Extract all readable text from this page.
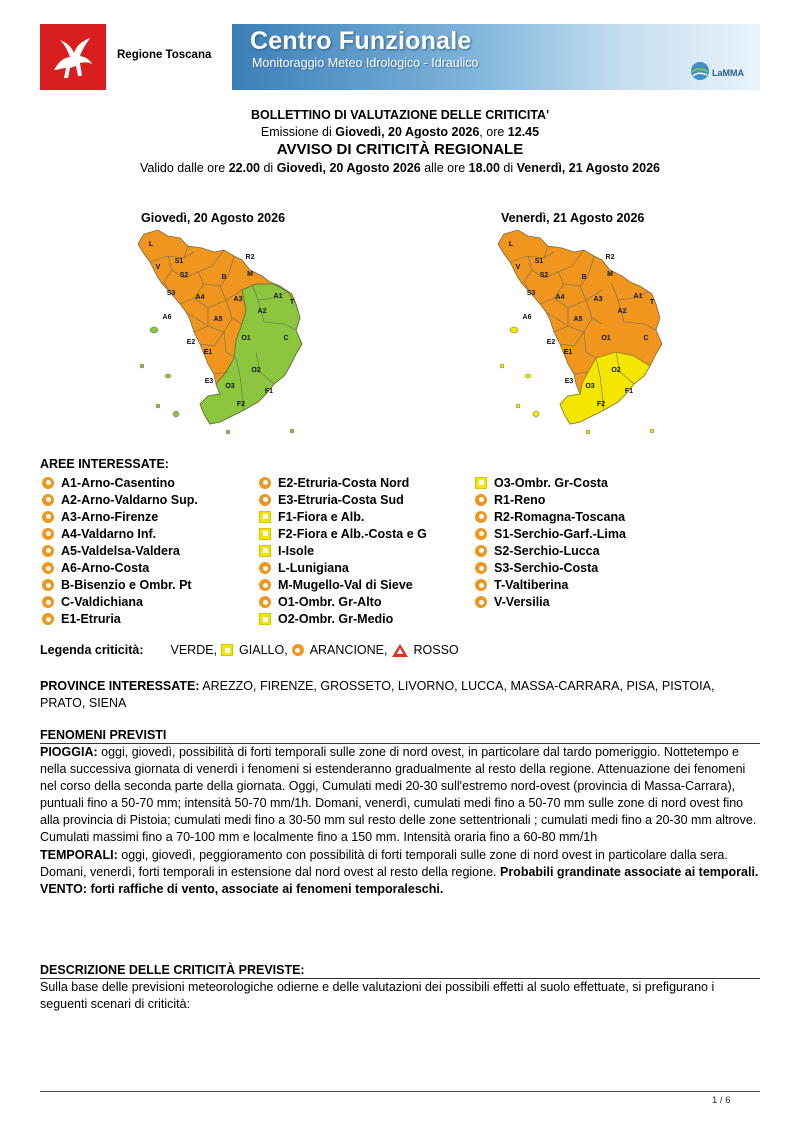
Regione Toscana Centro Funzionale
Monitoraggio Meteo Idrologico - Idraulico
LaMMA
BOLLETTINO DI VALUTAZIONE DELLE CRITICITA'
Emissione di Giovedì, 20 Agosto 2026, ore 12.45
AVVISO DI CRITICITÀ REGIONALE
Valido dalle ore 22.00 di Giovedì, 20 Agosto 2026 alle ore 18.00 di Venerdì, 21 Agosto 2026
Giovedì, 20 Agosto 2026	Venerdì, 21 Agosto 2026
L
S1
R2
V
S2	B	M
S3
A4	A3	A1
T
A6
A2
A5
O1	C
E2
E1
E3
O2
O3
F1
F2
L
S1
R2
V
S2	B	M
S3
A4	A3	A1
T
A6
A2
A5
O1	C
E2
E1
E3
O2
O3
F1
F2
AREE INTERESSATE:
A1-Arno-Casentino
A2-Arno-Valdarno Sup.
A3-Arno-Firenze
A4-Valdarno Inf.
A5-Valdelsa-Valdera
A6-Arno-Costa
B-Bisenzio e Ombr. Pt
C-Valdichiana
E1-Etruria
E2-Etruria-Costa Nord
E3-Etruria-Costa Sud
F1-Fiora e Alb.
F2-Fiora e Alb.-Costa e G
I-Isole
L-Lunigiana
M-Mugello-Val di Sieve
O1-Ombr. Gr-Alto
O2-Ombr. Gr-Medio
O3-Ombr. Gr-Costa
R1-Reno
R2-Romagna-Toscana
S1-Serchio-Garf.-Lima
S2-Serchio-Lucca
S3-Serchio-Costa
T-Valtiberina
V-Versilia
Legenda criticità: VERDE, GIALLO, ARANCIONE, ROSSO
PROVINCE INTERESSATE: AREZZO, FIRENZE, GROSSETO, LIVORNO, LUCCA, MASSA-CARRARA, PISA, PISTOIA, PRATO, SIENA
FENOMENI PREVISTI
PIOGGIA: oggi, giovedì, possibilità di forti temporali sulle zone di nord ovest, in particolare dal tardo pomeriggio. Nottetempo e nella successiva giornata di venerdì i fenomeni si estenderanno gradualmente al resto della regione. Attenuazione dei fenomeni nel corso della seconda parte della giornata. Oggi, Cumulati medi 20-30 sull'estremo nord-ovest (provincia di Massa-Carrara), puntuali fino a 50-70 mm; intensità 50-70 mm/1h. Domani, venerdì, cumulati medi fino a 50-70 mm sulle zone di nord ovest fino alla provincia di Pistoia; cumulati medi fino a 30-50 mm sul resto delle zone settentrionali ; cumulati medi fino a 20-30 mm altrove. Cumulati massimi fino a 70-100 mm e localmente fino a 150 mm. Intensità oraria fino a 60-80 mm/1h
TEMPORALI: oggi, giovedì, peggioramento con possibilità di forti temporali sulle zone di nord ovest in particolare dalla sera. Domani, venerdì, forti temporali in estensione dal nord ovest al resto della regione. Probabili grandinate associate ai temporali.
VENTO: forti raffiche di vento, associate ai fenomeni temporaleschi.
DESCRIZIONE DELLE CRITICITÀ PREVISTE:
Sulla base delle previsioni meteorologiche odierne e delle valutazioni dei possibili effetti al suolo effettuate, si prefigurano i seguenti scenari di criticità:
1 / 6
